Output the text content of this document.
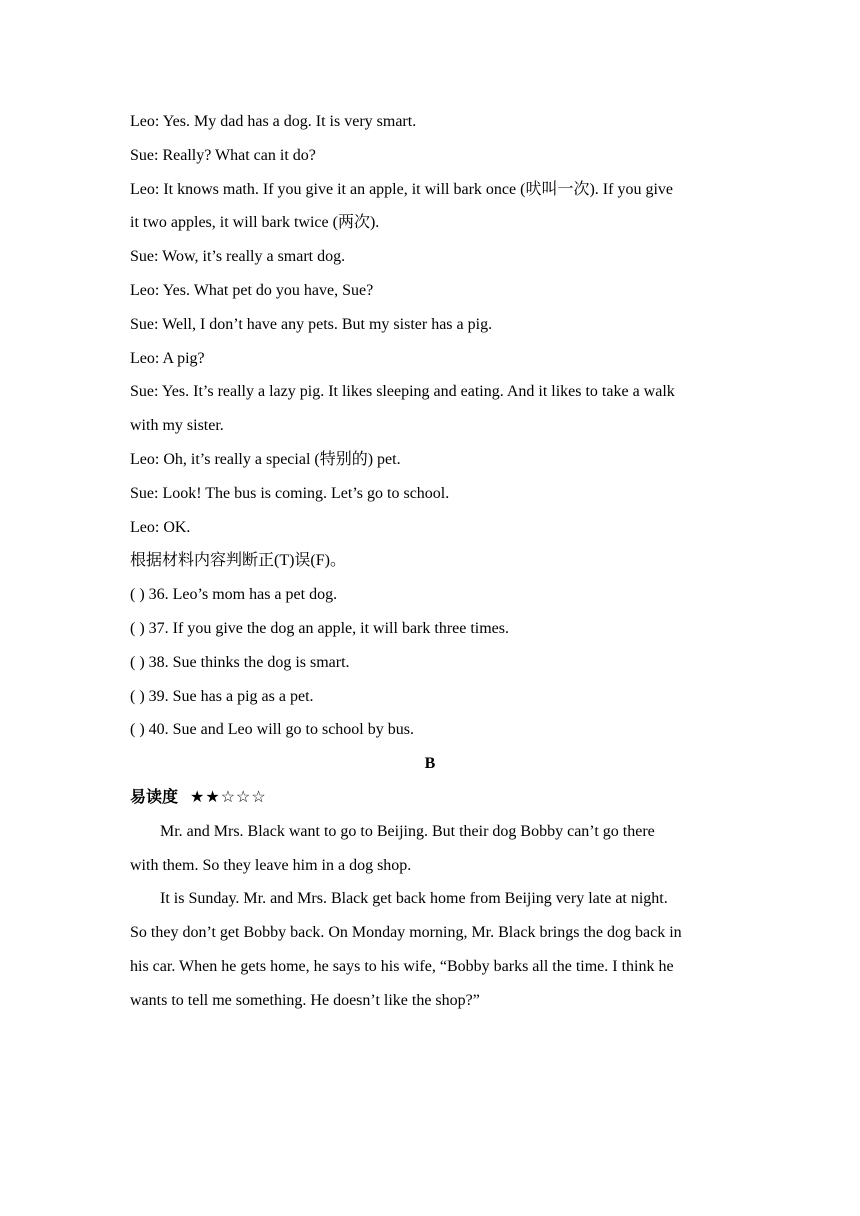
Leo: Yes. My dad has a dog. It is very smart.
Sue: Really? What can it do?
Leo: It knows math. If you give it an apple, it will bark once (吠叫一次). If you give
it two apples, it will bark twice (两次).
Sue: Wow, it’s really a smart dog.
Leo: Yes. What pet do you have, Sue?
Sue: Well, I don’t have any pets. But my sister has a pig.
Leo: A pig?
Sue: Yes. It’s really a lazy pig. It likes sleeping and eating. And it likes to take a walk
with my sister.
Leo: Oh, it’s really a special (特别的) pet.
Sue: Look! The bus is coming. Let’s go to school.
Leo: OK.
根据材料内容判断正(T)误(F)。
( ) 36. Leo’s mom has a pet dog.
( ) 37. If you give the dog an apple, it will bark three times.
( ) 38. Sue thinks the dog is smart.
( ) 39. Sue has a pig as a pet.
( ) 40. Sue and Leo will go to school by bus.
B
易读度 ★★☆☆☆
Mr. and Mrs. Black want to go to Beijing. But their dog Bobby can’t go there
with them. So they leave him in a dog shop.
It is Sunday. Mr. and Mrs. Black get back home from Beijing very late at night.
So they don’t get Bobby back. On Monday morning, Mr. Black brings the dog back in
his car. When he gets home, he says to his wife, “Bobby barks all the time. I think he
wants to tell me something. He doesn’t like the shop?”
